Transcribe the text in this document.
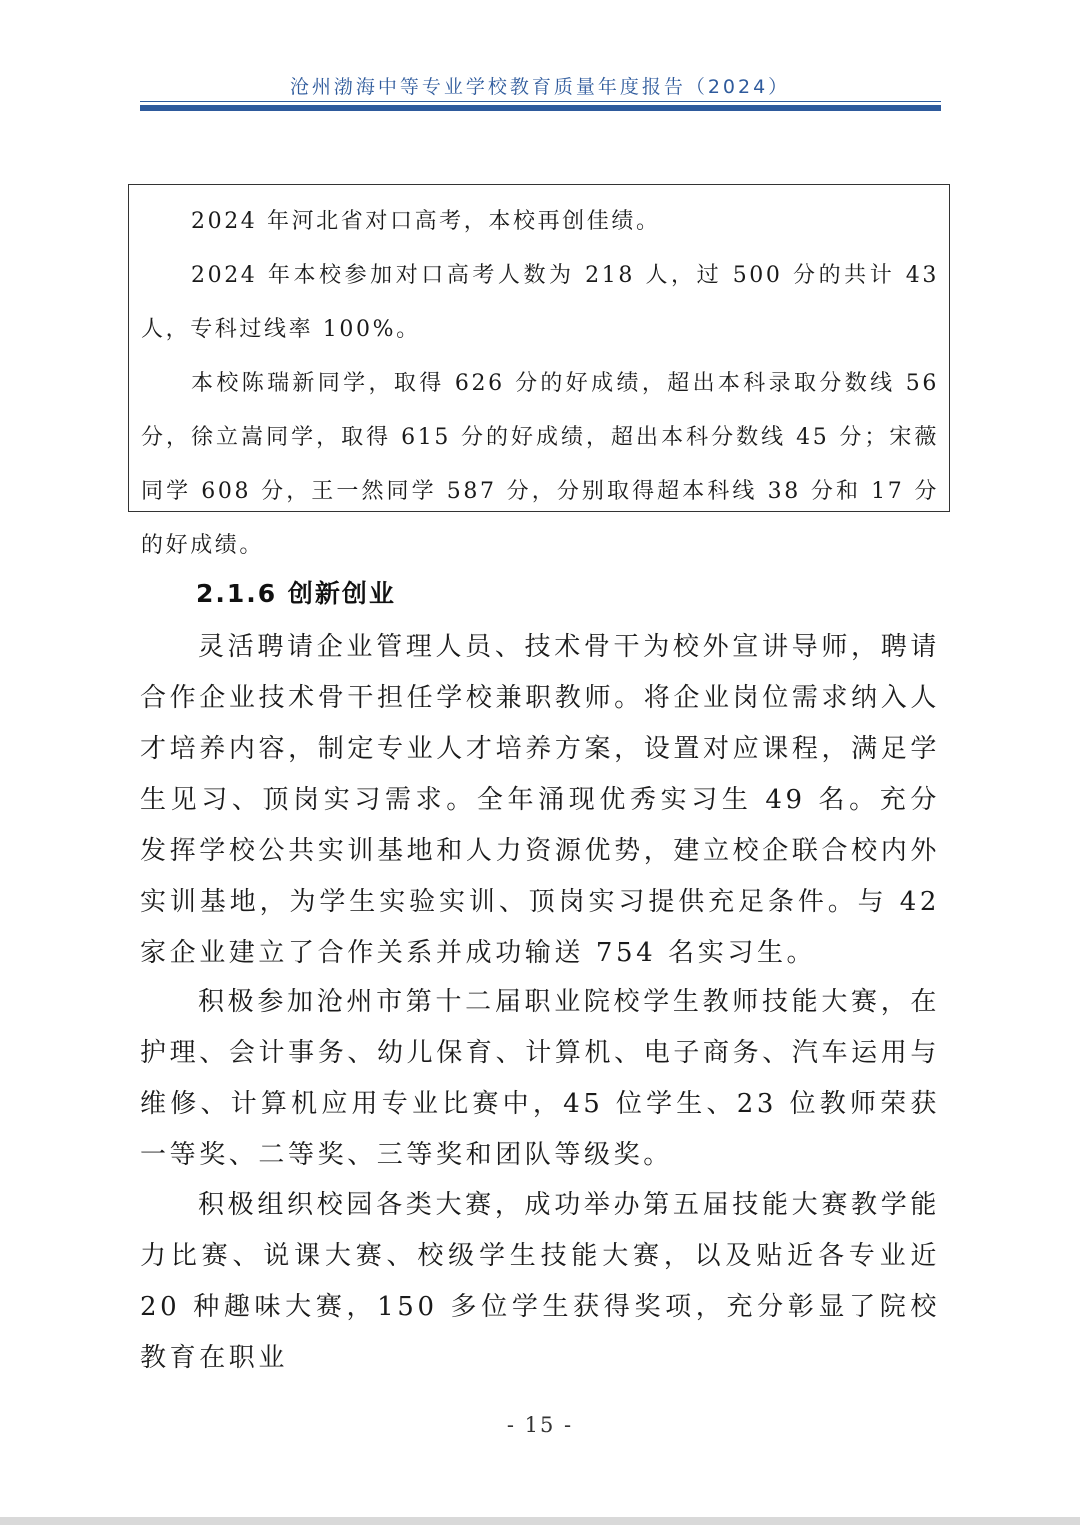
沧州渤海中等专业学校教育质量年度报告（2024）

2024 年河北省对口高考，本校再创佳绩。

2024 年本校参加对口高考人数为 218 人，过 500 分的共计 43 人，专科过线率 100%。

本校陈瑞新同学，取得 626 分的好成绩，超出本科录取分数线 56 分，徐立嵩同学，取得 615 分的好成绩，超出本科分数线 45 分；宋薇同学 608 分，王一然同学 587 分，分别取得超本科线 38 分和 17 分的好成绩。

2.1.6 创新创业

灵活聘请企业管理人员、技术骨干为校外宣讲导师，聘请合作企业技术骨干担任学校兼职教师。将企业岗位需求纳入人才培养内容，制定专业人才培养方案，设置对应课程，满足学生见习、顶岗实习需求。全年涌现优秀实习生 49 名。充分发挥学校公共实训基地和人力资源优势，建立校企联合校内外实训基地，为学生实验实训、顶岗实习提供充足条件。与 42 家企业建立了合作关系并成功输送 754 名实习生。

积极参加沧州市第十二届职业院校学生教师技能大赛，在护理、会计事务、幼儿保育、计算机、电子商务、汽车运用与维修、计算机应用专业比赛中，45 位学生、23 位教师荣获一等奖、二等奖、三等奖和团队等级奖。

积极组织校园各类大赛，成功举办第五届技能大赛教学能力比赛、说课大赛、校级学生技能大赛，以及贴近各专业近 20 种趣味大赛，150 多位学生获得奖项，充分彰显了院校教育在职业

- 15 -
